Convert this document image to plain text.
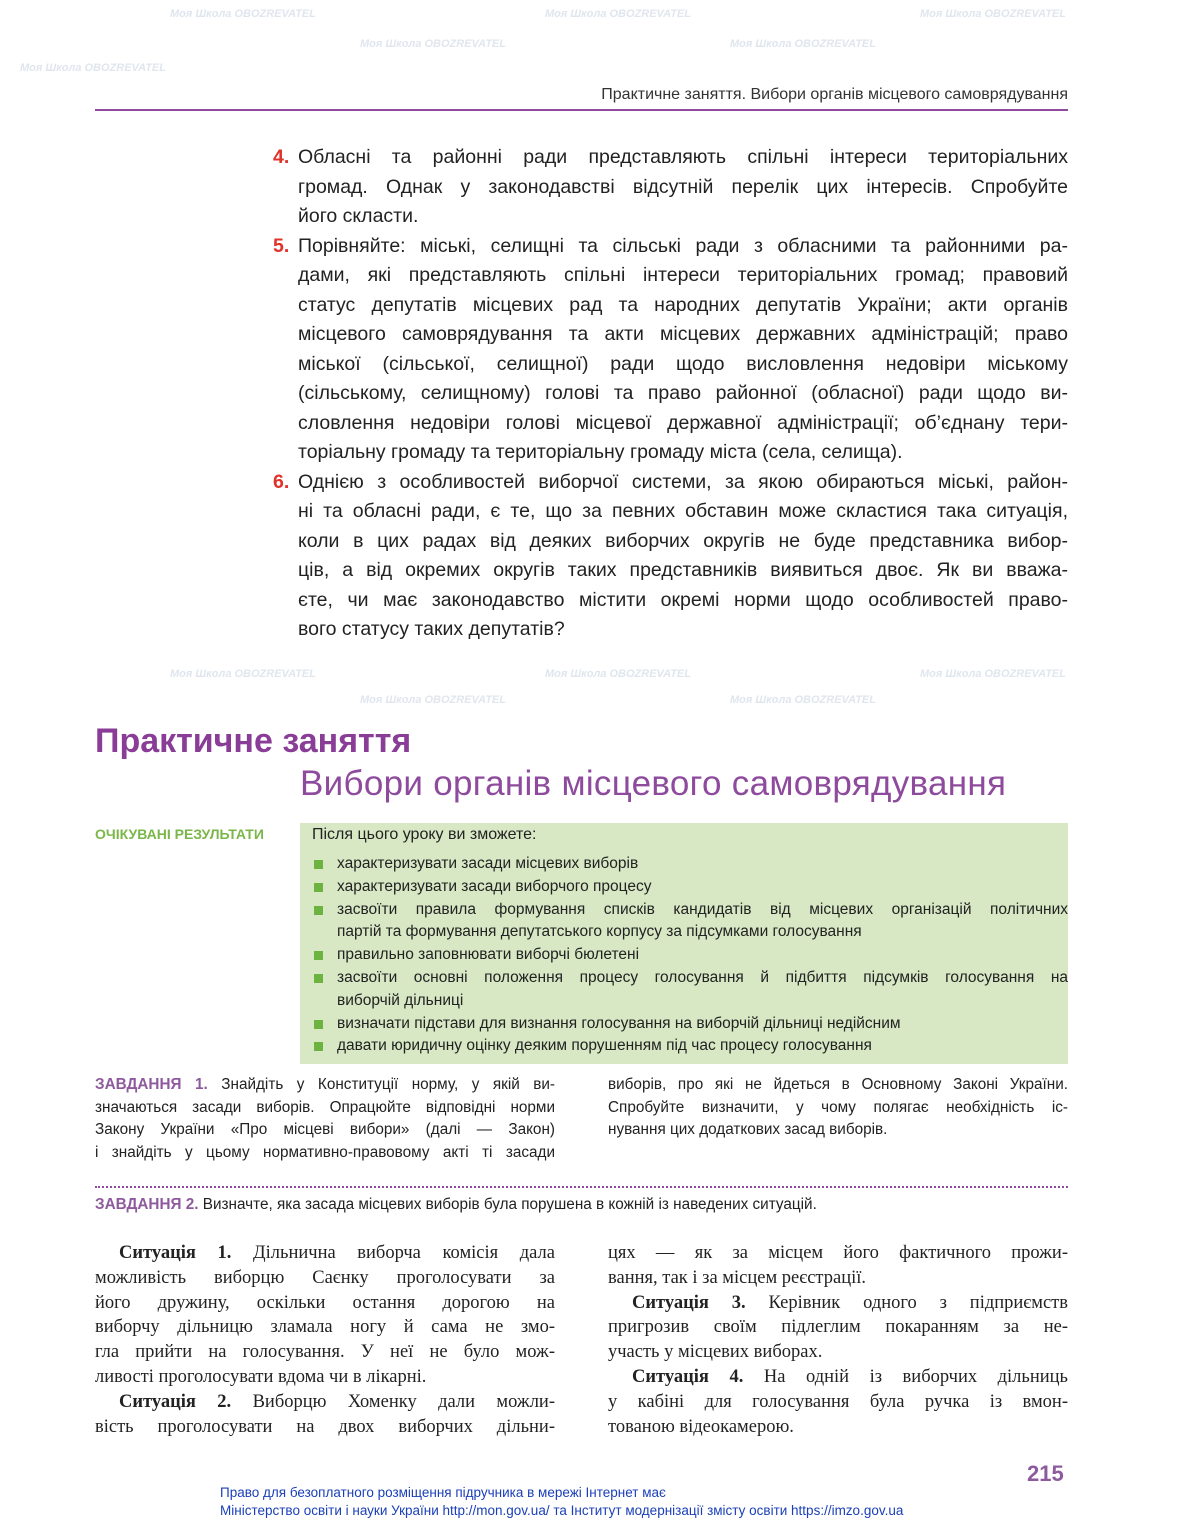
Практичне заняття. Вибори органів місцевого самоврядування
4. Обласні та районні ради представляють спільні інтереси територіальних
громад. Однак у законодавстві відсутній перелік цих інтересів. Спробуйте
його скласти.
5. Порівняйте: міські, селищні та сільські ради з обласними та районними ра-
дами, які представляють спільні інтереси територіальних громад; правовий
статус депутатів місцевих рад та народних депутатів України; акти органів
місцевого самоврядування та акти місцевих державних адміністрацій; право
міської (сільської, селищної) ради щодо висловлення недовіри міському
(сільському, селищному) голові та право районної (обласної) ради щодо ви-
словлення недовіри голові місцевої державної адміністрації; об’єднану тери-
торіальну громаду та територіальну громаду міста (села, селища).
6. Однією з особливостей виборчої системи, за якою обираються міські, район-
ні та обласні ради, є те, що за певних обставин може скластися така ситуація,
коли в цих радах від деяких виборчих округів не буде представника вибор-
ців, а від окремих округів таких представників виявиться двоє. Як ви вважа-
єте, чи має законодавство містити окремі норми щодо особливостей право-
вого статусу таких депутатів?
Практичне заняття
Вибори органів місцевого самоврядування
ОЧІКУВАНІ РЕЗУЛЬТАТИ	Після цього уроку ви зможете:
характеризувати засади місцевих виборів
характеризувати засади виборчого процесу
засвоїти правила формування списків кандидатів від місцевих організацій політичних
партій та формування депутатського корпусу за підсумками голосування
правильно заповнювати виборчі бюлетені
засвоїти основні положення процесу голосування й підбиття підсумків голосування на
виборчій дільниці
визначати підстави для визнання голосування на виборчій дільниці недійсним
давати юридичну оцінку деяким порушенням під час процесу голосування
ЗАВДАННЯ 1. Знайдіть у Конституції норму, у якій ви-
значаються засади виборів. Опрацюйте відповідні норми
Закону України «Про місцеві вибори» (далі — Закон)
і знайдіть у цьому нормативно-правовому акті ті засади
виборів, про які не йдеться в Основному Законі України.
Спробуйте визначити, у чому полягає необхідність іс-
нування цих додаткових засад виборів.
ЗАВДАННЯ 2. Визначте, яка засада місцевих виборів була порушена в кожній із наведених ситуацій.
Ситуація 1. Дільнична виборча комісія дала
можливість виборцю Саєнку проголосувати за
його дружину, оскільки остання дорогою на
виборчу дільницю зламала ногу й сама не змо-
гла прийти на голосування. У неї не було мож-
ливості проголосувати вдома чи в лікарні.
Ситуація 2. Виборцю Хоменку дали можли-
вість проголосувати на двох виборчих дільни-
цях — як за місцем його фактичного прожи-
вання, так і за місцем реєстрації.
Ситуація 3. Керівник одного з підприємств
пригрозив своїм підлеглим покаранням за не-
участь у місцевих виборах.
Ситуація 4. На одній із виборчих дільниць
у кабіні для голосування була ручка із вмон-
тованою відеокамерою.
215
Право для безоплатного розміщення підручника в мережі Інтернет має
Міністерство освіти і науки України http://mon.gov.ua/ та Інститут модернізації змісту освіти https://imzo.gov.ua
Моя Школа OBOZREVATEL	Моя Школа OBOZREVATEL	Моя Школа OBOZREVATEL
Моя Школа OBOZREVATEL	Моя Школа OBOZREVATEL
Моя Школа OBOZREVATEL
Моя Школа OBOZREVATEL	Моя Школа OBOZREVATEL	Моя Школа OBOZREVATEL
Моя Школа OBOZREVATEL	Моя Школа OBOZREVATEL
